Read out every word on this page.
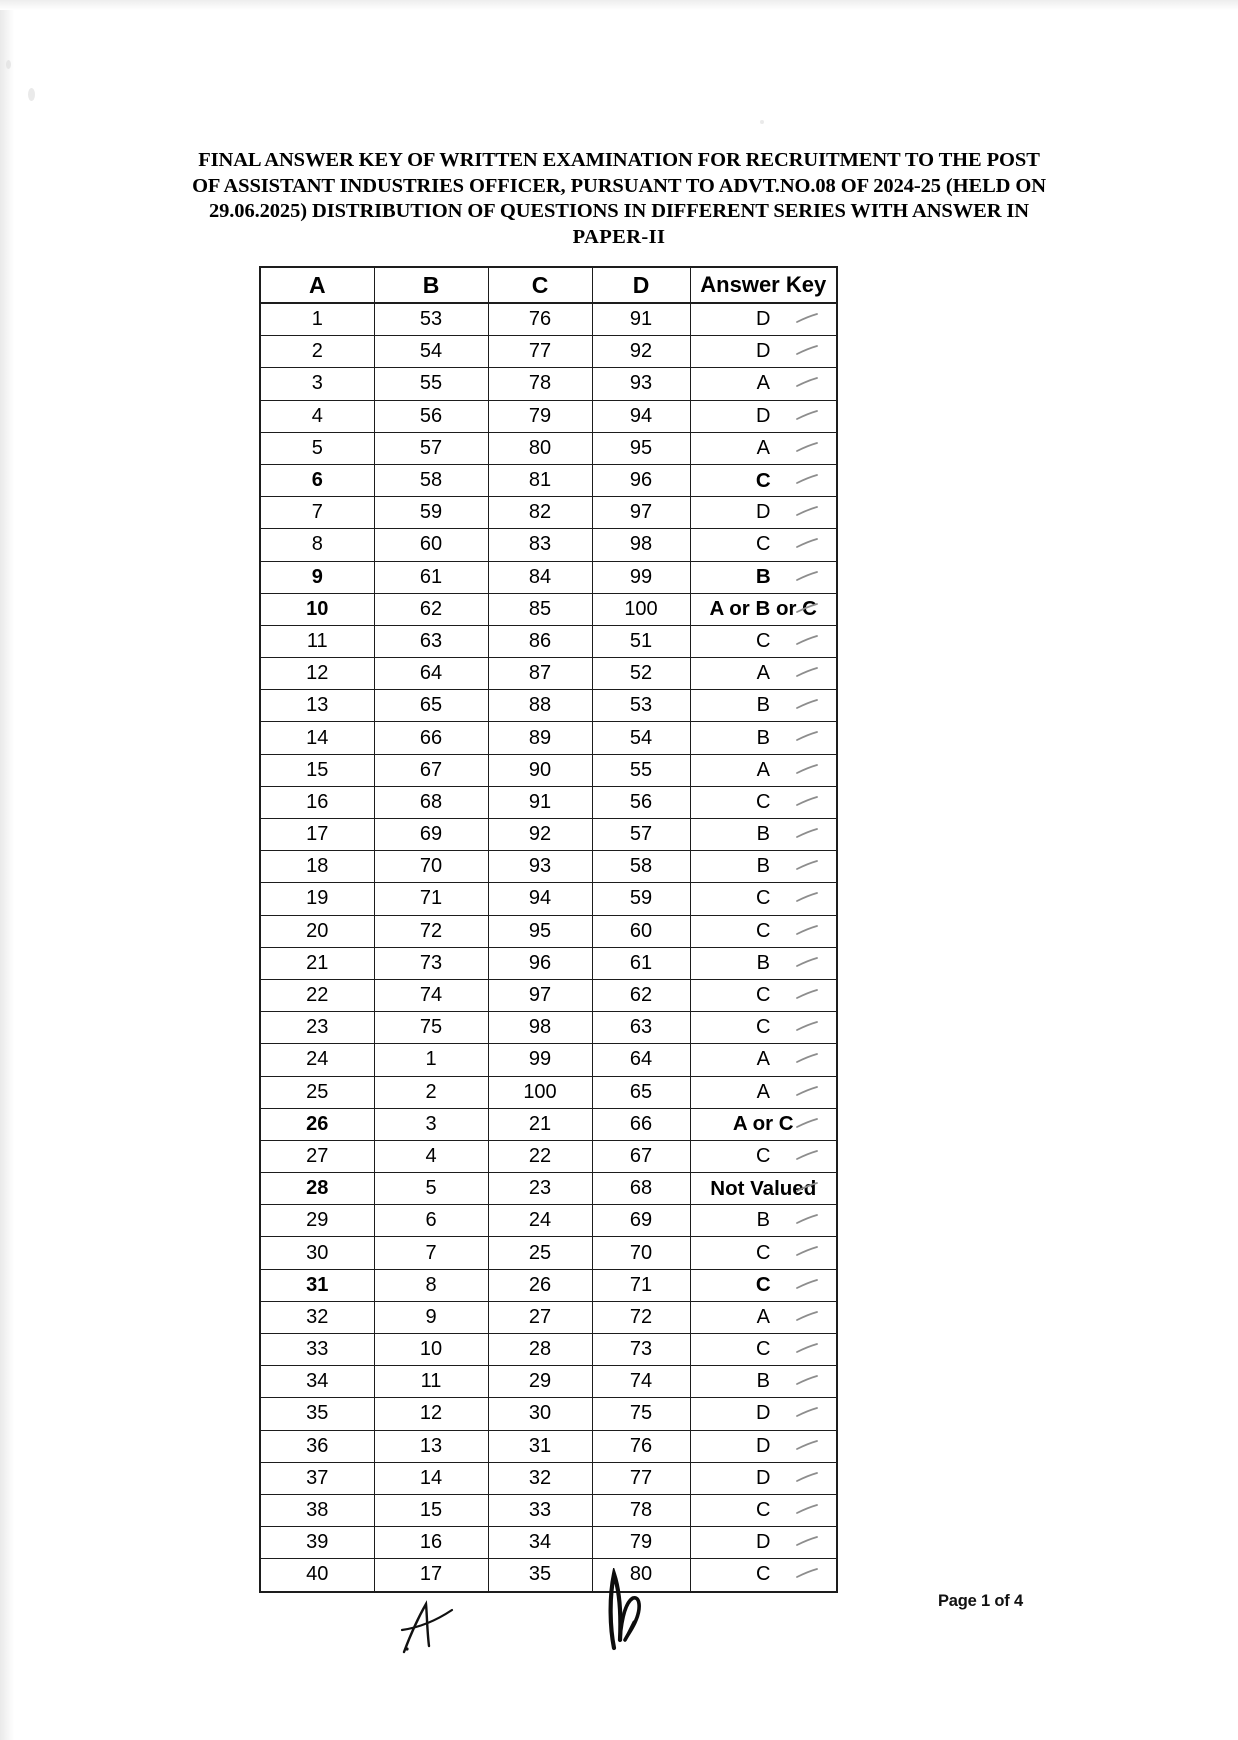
FINAL ANSWER KEY OF WRITTEN EXAMINATION FOR RECRUITMENT TO THE POST
OF ASSISTANT INDUSTRIES OFFICER, PURSUANT TO ADVT.NO.08 OF 2024-25 (HELD ON
29.06.2025) DISTRIBUTION OF QUESTIONS IN DIFFERENT SERIES WITH ANSWER IN
PAPER-II
A	B	C	D	Answer Key
1	53	76	91	D

2	54	77	92	D

3	55	78	93	A

4	56	79	94	D

5	57	80	95	A

6	58	81	96	C

7	59	82	97	D

8	60	83	98	C

9	61	84	99	B

10	62	85	100	A or B or C

11	63	86	51	C

12	64	87	52	A

13	65	88	53	B

14	66	89	54	B

15	67	90	55	A

16	68	91	56	C

17	69	92	57	B

18	70	93	58	B

19	71	94	59	C

20	72	95	60	C

21	73	96	61	B

22	74	97	62	C

23	75	98	63	C

24	1	99	64	A

25	2	100	65	A

26	3	21	66	A or C

27	4	22	67	C

28	5	23	68	Not Valued

29	6	24	69	B

30	7	25	70	C

31	8	26	71	C

32	9	27	72	A

33	10	28	73	C

34	11	29	74	B

35	12	30	75	D

36	13	31	76	D

37	14	32	77	D

38	15	33	78	C

39	16	34	79	D

40	17	35	80	C
Page 1 of 4
